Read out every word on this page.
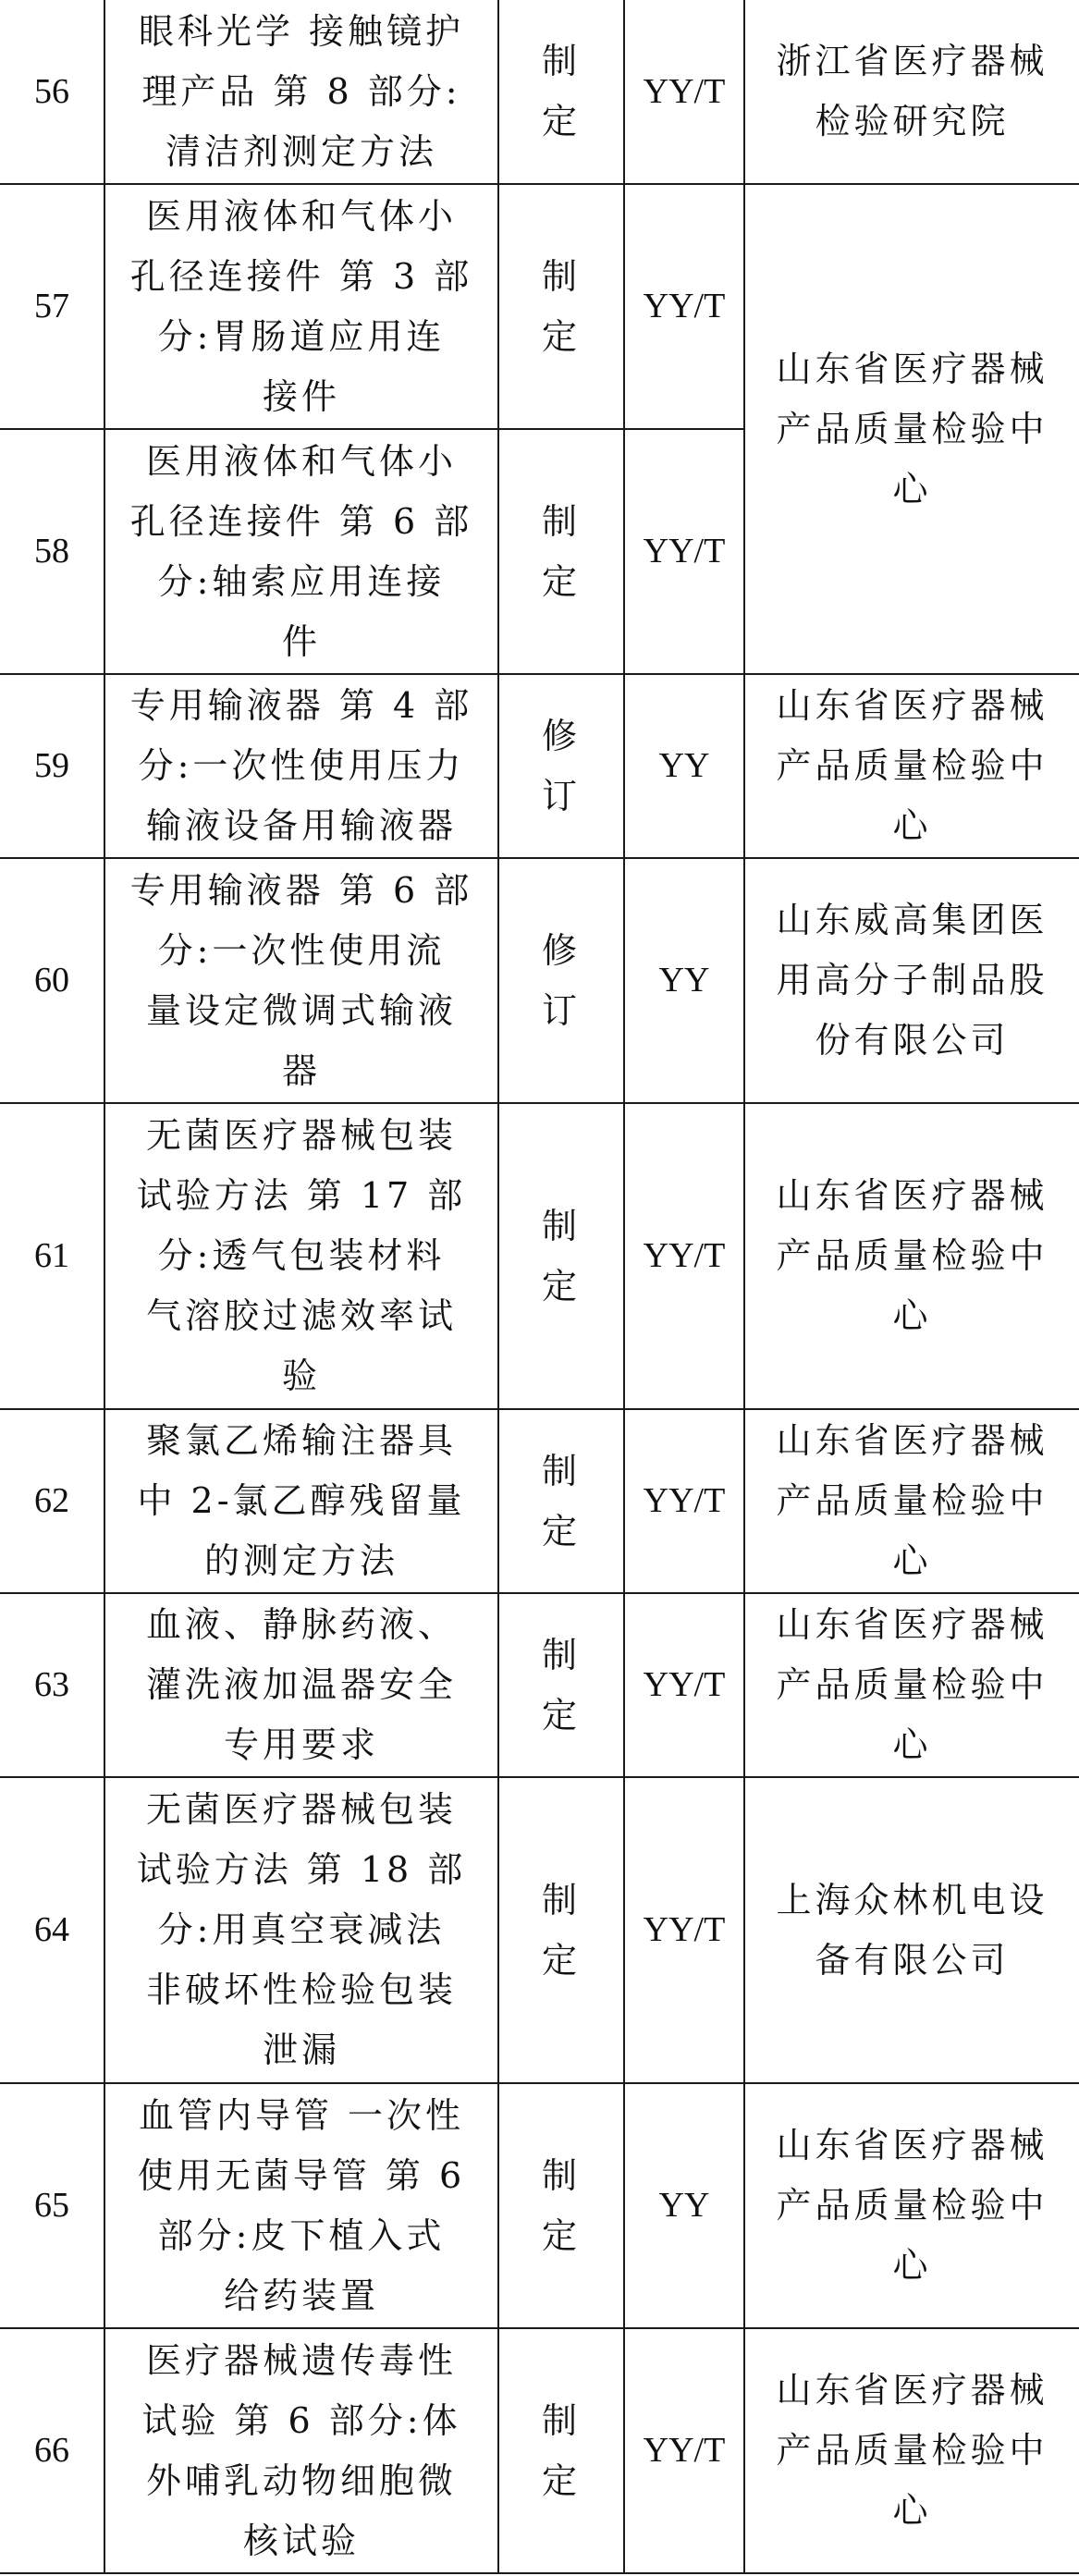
56	眼科光学 接触镜护
理产品 第 8 部分:
清洁剂测定方法	制
定	YY/T	浙江省医疗器械
检验研究院
57	医用液体和气体小
孔径连接件 第 3 部
分:胃肠道应用连
接件	制
定	YY/T	山东省医疗器械
产品质量检验中
心
58	医用液体和气体小
孔径连接件 第 6 部
分:轴索应用连接
件	制
定	YY/T	
59	专用输液器 第 4 部
分:一次性使用压力
输液设备用输液器	修
订	YY	山东省医疗器械
产品质量检验中
心
60	专用输液器 第 6 部
分:一次性使用流
量设定微调式输液
器	修
订	YY	山东威高集团医
用高分子制品股
份有限公司
61	无菌医疗器械包装
试验方法 第 17 部
分:透气包装材料
气溶胶过滤效率试
验	制
定	YY/T	山东省医疗器械
产品质量检验中
心
62	聚氯乙烯输注器具
中 2-氯乙醇残留量
的测定方法	制
定	YY/T	山东省医疗器械
产品质量检验中
心
63	血液、静脉药液、
灌洗液加温器安全
专用要求	制
定	YY/T	山东省医疗器械
产品质量检验中
心
64	无菌医疗器械包装
试验方法 第 18 部
分:用真空衰减法
非破坏性检验包装
泄漏	制
定	YY/T	上海众林机电设
备有限公司
65	血管内导管 一次性
使用无菌导管 第 6
部分:皮下植入式
给药装置	制
定	YY	山东省医疗器械
产品质量检验中
心
66	医疗器械遗传毒性
试验 第 6 部分:体
外哺乳动物细胞微
核试验	制
定	YY/T	山东省医疗器械
产品质量检验中
心
